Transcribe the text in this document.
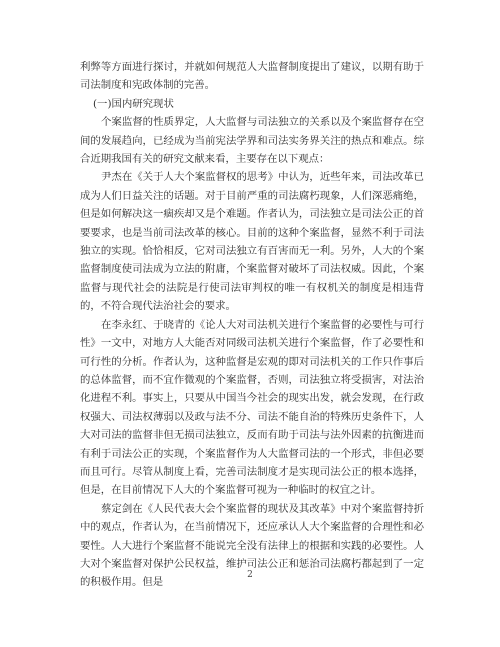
利弊等方面进行探讨，并就如何规范人大监督制度提出了建议，以期有助于司法制度和宪政体制的完善。

(一)国内研究现状

个案监督的性质界定，人大监督与司法独立的关系以及个案监督存在空间的发展趋向，已经成为当前宪法学界和司法实务界关注的热点和难点。综合近期我国有关的研究文献来看，主要存在以下观点：

尹杰在《关于人大个案监督权的思考》中认为，近些年来，司法改革已成为人们日益关注的话题。对于目前严重的司法腐朽现象，人们深恶痛绝，但是如何解决这一痼疾却又是个难题。作者认为，司法独立是司法公正的首要要求，也是当前司法改革的核心。目前的这种个案监督，显然不利于司法独立的实现。恰恰相反，它对司法独立有百害而无一利。另外，人大的个案监督制度使司法成为立法的附庸，个案监督对破坏了司法权威。因此，个案监督与现代社会的法院是行使司法审判权的唯一有权机关的制度是相违背的，不符合现代法治社会的要求。

在李永红、于晓青的《论人大对司法机关进行个案监督的必要性与可行性》一文中，对地方人大能否对同级司法机关进行个案监督，作了必要性和可行性的分析。作者认为，这种监督是宏观的即对司法机关的工作只作事后的总体监督，而不宜作微观的个案监督，否则，司法独立将受损害，对法治化进程不利。事实上，只要从中国当今社会的现实出发，就会发现，在行政权强大、司法权薄弱以及政与法不分、司法不能自治的特殊历史条件下，人大对司法的监督非但无损司法独立，反而有助于司法与法外因素的抗衡进而有利于司法公正的实现，个案监督作为人大监督司法的一个形式，非但必要而且可行。尽管从制度上看，完善司法制度才是实现司法公正的根本选择，但是，在目前情况下人大的个案监督可视为一种临时的权宜之计。

蔡定剑在《人民代表大会个案监督的现状及其改革》中对个案监督持折中的观点，作者认为，在当前情况下，还应承认人大个案监督的合理性和必要性。人大进行个案监督不能说完全没有法律上的根据和实践的必要性。人大对个案监督对保护公民权益，维护司法公正和惩治司法腐朽都起到了一定的积极作用。但是

2
